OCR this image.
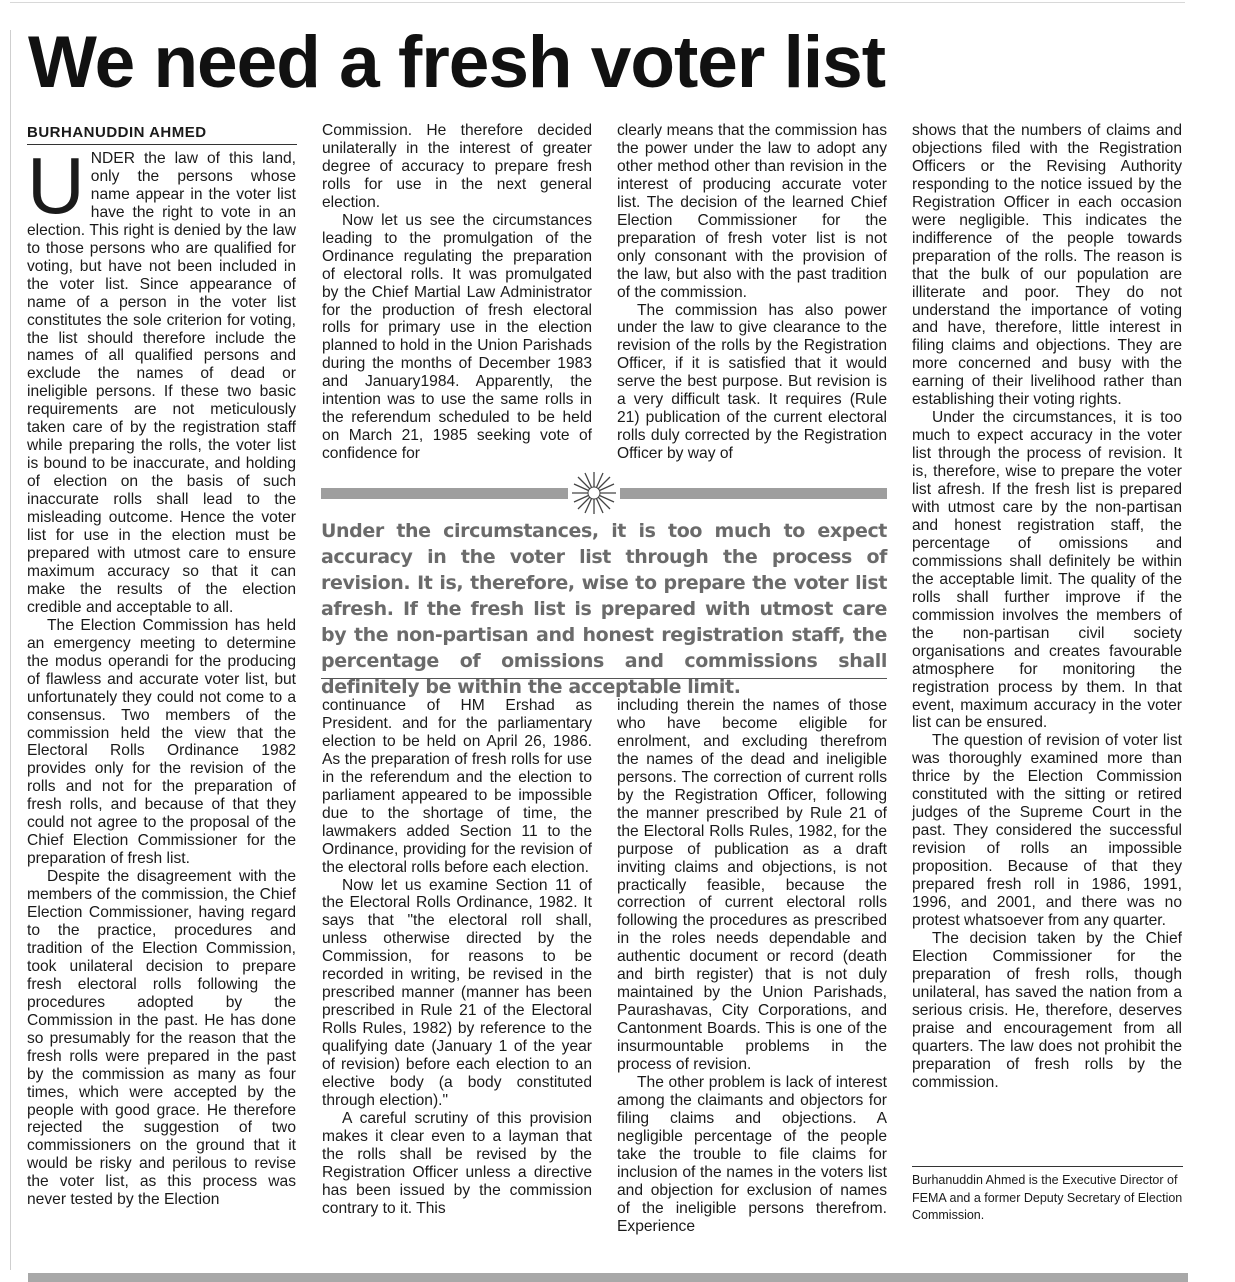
We need a fresh voter list
BURHANUDDIN AHMED
U NDER the law of this land, only the persons whose name appear in the voter list have the right to vote in an election. This right is denied by the law to those persons who are qualified for voting, but have not been included in the voter list. Since appearance of name of a person in the voter list constitutes the sole criterion for voting, the list should therefore include the names of all qualified persons and exclude the names of dead or ineligible persons. If these two basic requirements are not meticulously taken care of by the registration staff while preparing the rolls, the voter list is bound to be inaccurate, and holding of election on the basis of such inaccurate rolls shall lead to the misleading outcome. Hence the voter list for use in the election must be prepared with utmost care to ensure maximum accuracy so that it can make the results of the election credible and acceptable to all.

The Election Commission has held an emergency meeting to determine the modus operandi for the producing of flawless and accurate voter list, but unfortunately they could not come to a consensus. Two members of the commission held the view that the Electoral Rolls Ordinance 1982 provides only for the revision of the rolls and not for the preparation of fresh rolls, and because of that they could not agree to the proposal of the Chief Election Commissioner for the preparation of fresh list.

Despite the disagreement with the members of the commission, the Chief Election Commissioner, having regard to the practice, procedures and tradition of the Election Commission, took unilateral decision to prepare fresh electoral rolls following the procedures adopted by the Commission in the past. He has done so presumably for the reason that the fresh rolls were prepared in the past by the commission as many as four times, which were accepted by the people with good grace. He therefore rejected the suggestion of two commissioners on the ground that it would be risky and perilous to revise the voter list, as this process was never tested by the Election

Commission. He therefore decided unilaterally in the interest of greater degree of accuracy to prepare fresh rolls for use in the next general election.

Now let us see the circumstances leading to the promulgation of the Ordinance regulating the preparation of electoral rolls. It was promulgated by the Chief Martial Law Administrator for the production of fresh electoral rolls for primary use in the election planned to hold in the Union Parishads during the months of December 1983 and January1984. Apparently, the intention was to use the same rolls in the referendum scheduled to be held on March 21, 1985 seeking vote of confidence for

clearly means that the commission has the power under the law to adopt any other method other than revision in the interest of producing accurate voter list. The decision of the learned Chief Election Commissioner for the preparation of fresh voter list is not only consonant with the provision of the law, but also with the past tradition of the commission.

The commission has also power under the law to give clearance to the revision of the rolls by the Registration Officer, if it is satisfied that it would serve the best purpose. But revision is a very difficult task. It requires (Rule 21) publication of the current electoral rolls duly corrected by the Registration Officer by way of

Under the circumstances, it is too much to expect accuracy in the voter list through the process of revision. It is, therefore, wise to prepare the voter list afresh. If the fresh list is prepared with utmost care by the non-partisan and honest registration staff, the percentage of omissions and commissions shall definitely be within the acceptable limit.

continuance of HM Ershad as President. and for the parliamentary election to be held on April 26, 1986. As the preparation of fresh rolls for use in the referendum and the election to parliament appeared to be impossible due to the shortage of time, the lawmakers added Section 11 to the Ordinance, providing for the revision of the electoral rolls before each election.

Now let us examine Section 11 of the Electoral Rolls Ordinance, 1982. It says that "the electoral roll shall, unless otherwise directed by the Commission, for reasons to be recorded in writing, be revised in the prescribed manner (manner has been prescribed in Rule 21 of the Electoral Rolls Rules, 1982) by reference to the qualifying date (January 1 of the year of revision) before each election to an elective body (a body constituted through election)."

A careful scrutiny of this provision makes it clear even to a layman that the rolls shall be revised by the Registration Officer unless a directive has been issued by the commission contrary to it. This

including therein the names of those who have become eligible for enrolment, and excluding therefrom the names of the dead and ineligible persons. The correction of current rolls by the Registration Officer, following the manner prescribed by Rule 21 of the Electoral Rolls Rules, 1982, for the purpose of publication as a draft inviting claims and objections, is not practically feasible, because the correction of current electoral rolls following the procedures as prescribed in the roles needs dependable and authentic document or record (death and birth register) that is not duly maintained by the Union Parishads, Paurashavas, City Corporations, and Cantonment Boards. This is one of the insurmountable problems in the process of revision.

The other problem is lack of interest among the claimants and objectors for filing claims and objections. A negligible percentage of the people take the trouble to file claims for inclusion of the names in the voters list and objection for exclusion of names of the ineligible persons therefrom. Experience

shows that the numbers of claims and objections filed with the Registration Officers or the Revising Authority responding to the notice issued by the Registration Officer in each occasion were negligible. This indicates the indifference of the people towards preparation of the rolls. The reason is that the bulk of our population are illiterate and poor. They do not understand the importance of voting and have, therefore, little interest in filing claims and objections. They are more concerned and busy with the earning of their livelihood rather than establishing their voting rights.

Under the circumstances, it is too much to expect accuracy in the voter list through the process of revision. It is, therefore, wise to prepare the voter list afresh. If the fresh list is prepared with utmost care by the non-partisan and honest registration staff, the percentage of omissions and commissions shall definitely be within the acceptable limit. The quality of the rolls shall further improve if the commission involves the members of the non-partisan civil society organisations and creates favourable atmosphere for monitoring the registration process by them. In that event, maximum accuracy in the voter list can be ensured.

The question of revision of voter list was thoroughly examined more than thrice by the Election Commission constituted with the sitting or retired judges of the Supreme Court in the past. They considered the successful revision of rolls an impossible proposition. Because of that they prepared fresh roll in 1986, 1991, 1996, and 2001, and there was no protest whatsoever from any quarter.

The decision taken by the Chief Election Commissioner for the preparation of fresh rolls, though unilateral, has saved the nation from a serious crisis. He, therefore, deserves praise and encouragement from all quarters. The law does not prohibit the preparation of fresh rolls by the commission.

Burhanuddin Ahmed is the Executive Director of FEMA and a former Deputy Secretary of Election Commission.
